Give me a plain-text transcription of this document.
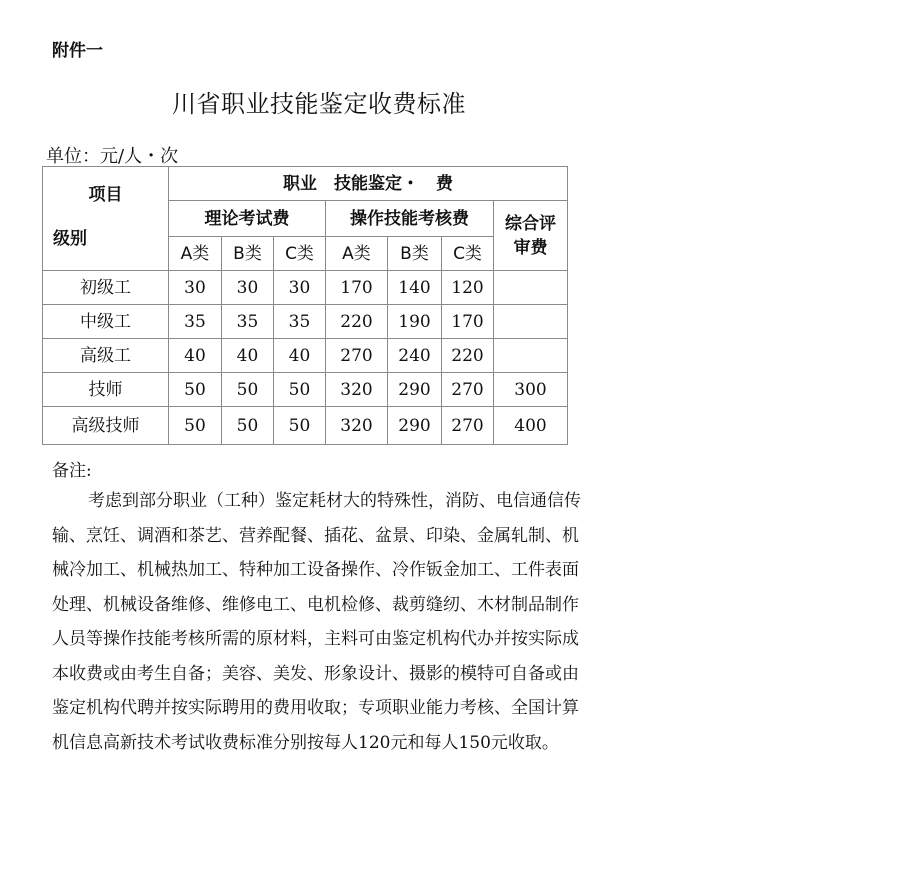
附件一
川省职业技能鉴定收费标准
单位：元/人・次
项目
级别	职业　技能鉴定・　费						
	理论考试费			操作技能考核费			综合评审费
	A类	B类	C类	A类	B类	C类	
初级工	30	30	30	170	140	120	
中级工	35	35	35	220	190	170	
高级工	40	40	40	270	240	220	
技师	50	50	50	320	290	270	300
高级技师	50	50	50	320	290	270	400
备注:

考虑到部分职业（工种）鉴定耗材大的特殊性，消防、电信通信传输、烹饪、调酒和茶艺、营养配餐、插花、盆景、印染、金属轧制、机械冷加工、机械热加工、特种加工设备操作、冷作钣金加工、工件表面处理、机械设备维修、维修电工、电机检修、裁剪缝纫、木材制品制作人员等操作技能考核所需的原材料，主料可由鉴定机构代办并按实际成本收费或由考生自备；美容、美发、形象设计、摄影的模特可自备或由鉴定机构代聘并按实际聘用的费用收取；专项职业能力考核、全国计算机信息高新技术考试收费标准分别按每人120元和每人150元收取。
